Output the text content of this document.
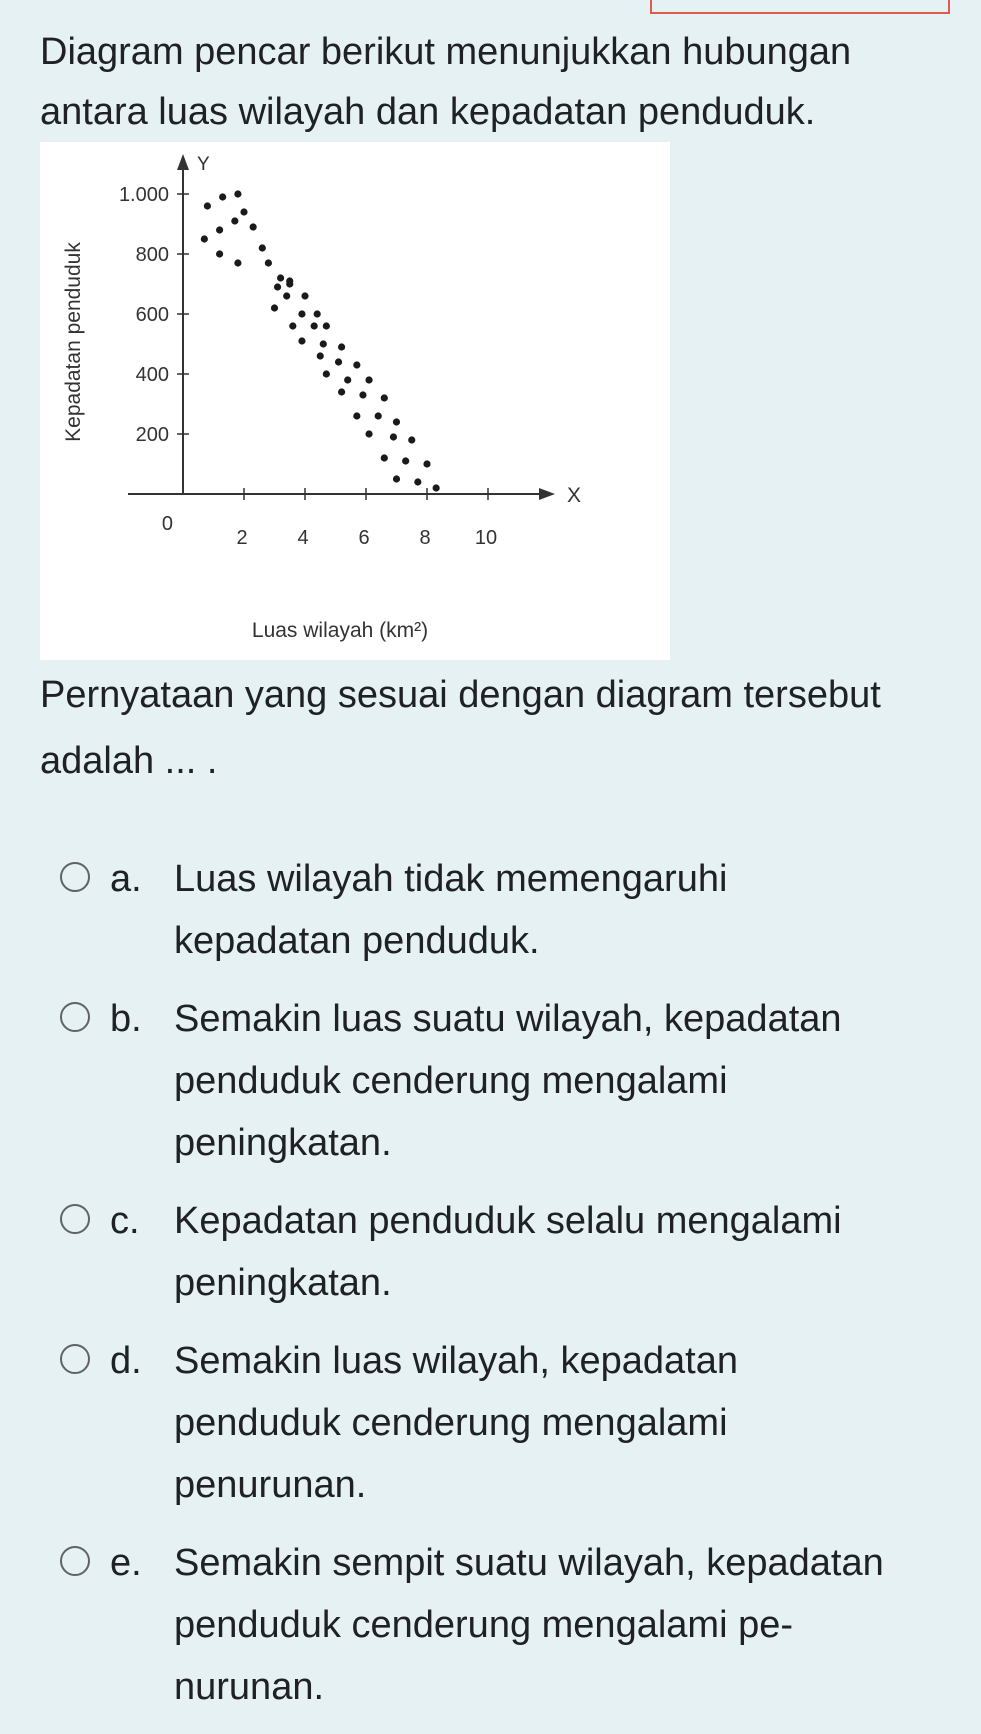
Diagram pencar berikut menunjukkan hubungan antara luas wilayah dan kepadatan penduduk.

Y
X
200
400
600
800
1.000
2 4 6 8 10
0
Luas wilayah (km²)
Kepadatan penduduk

Pernyataan yang sesuai dengan diagram tersebut adalah ... .

a. Luas wilayah tidak memengaruhi kepadatan penduduk.
b. Semakin luas suatu wilayah, kepadatan penduduk cenderung mengalami peningkatan.
c. Kepadatan penduduk selalu mengalami peningkatan.
d. Semakin luas wilayah, kepadatan penduduk cenderung mengalami penurunan.
e. Semakin sempit suatu wilayah, kepadatan penduduk cenderung mengalami pe-nurunan.
